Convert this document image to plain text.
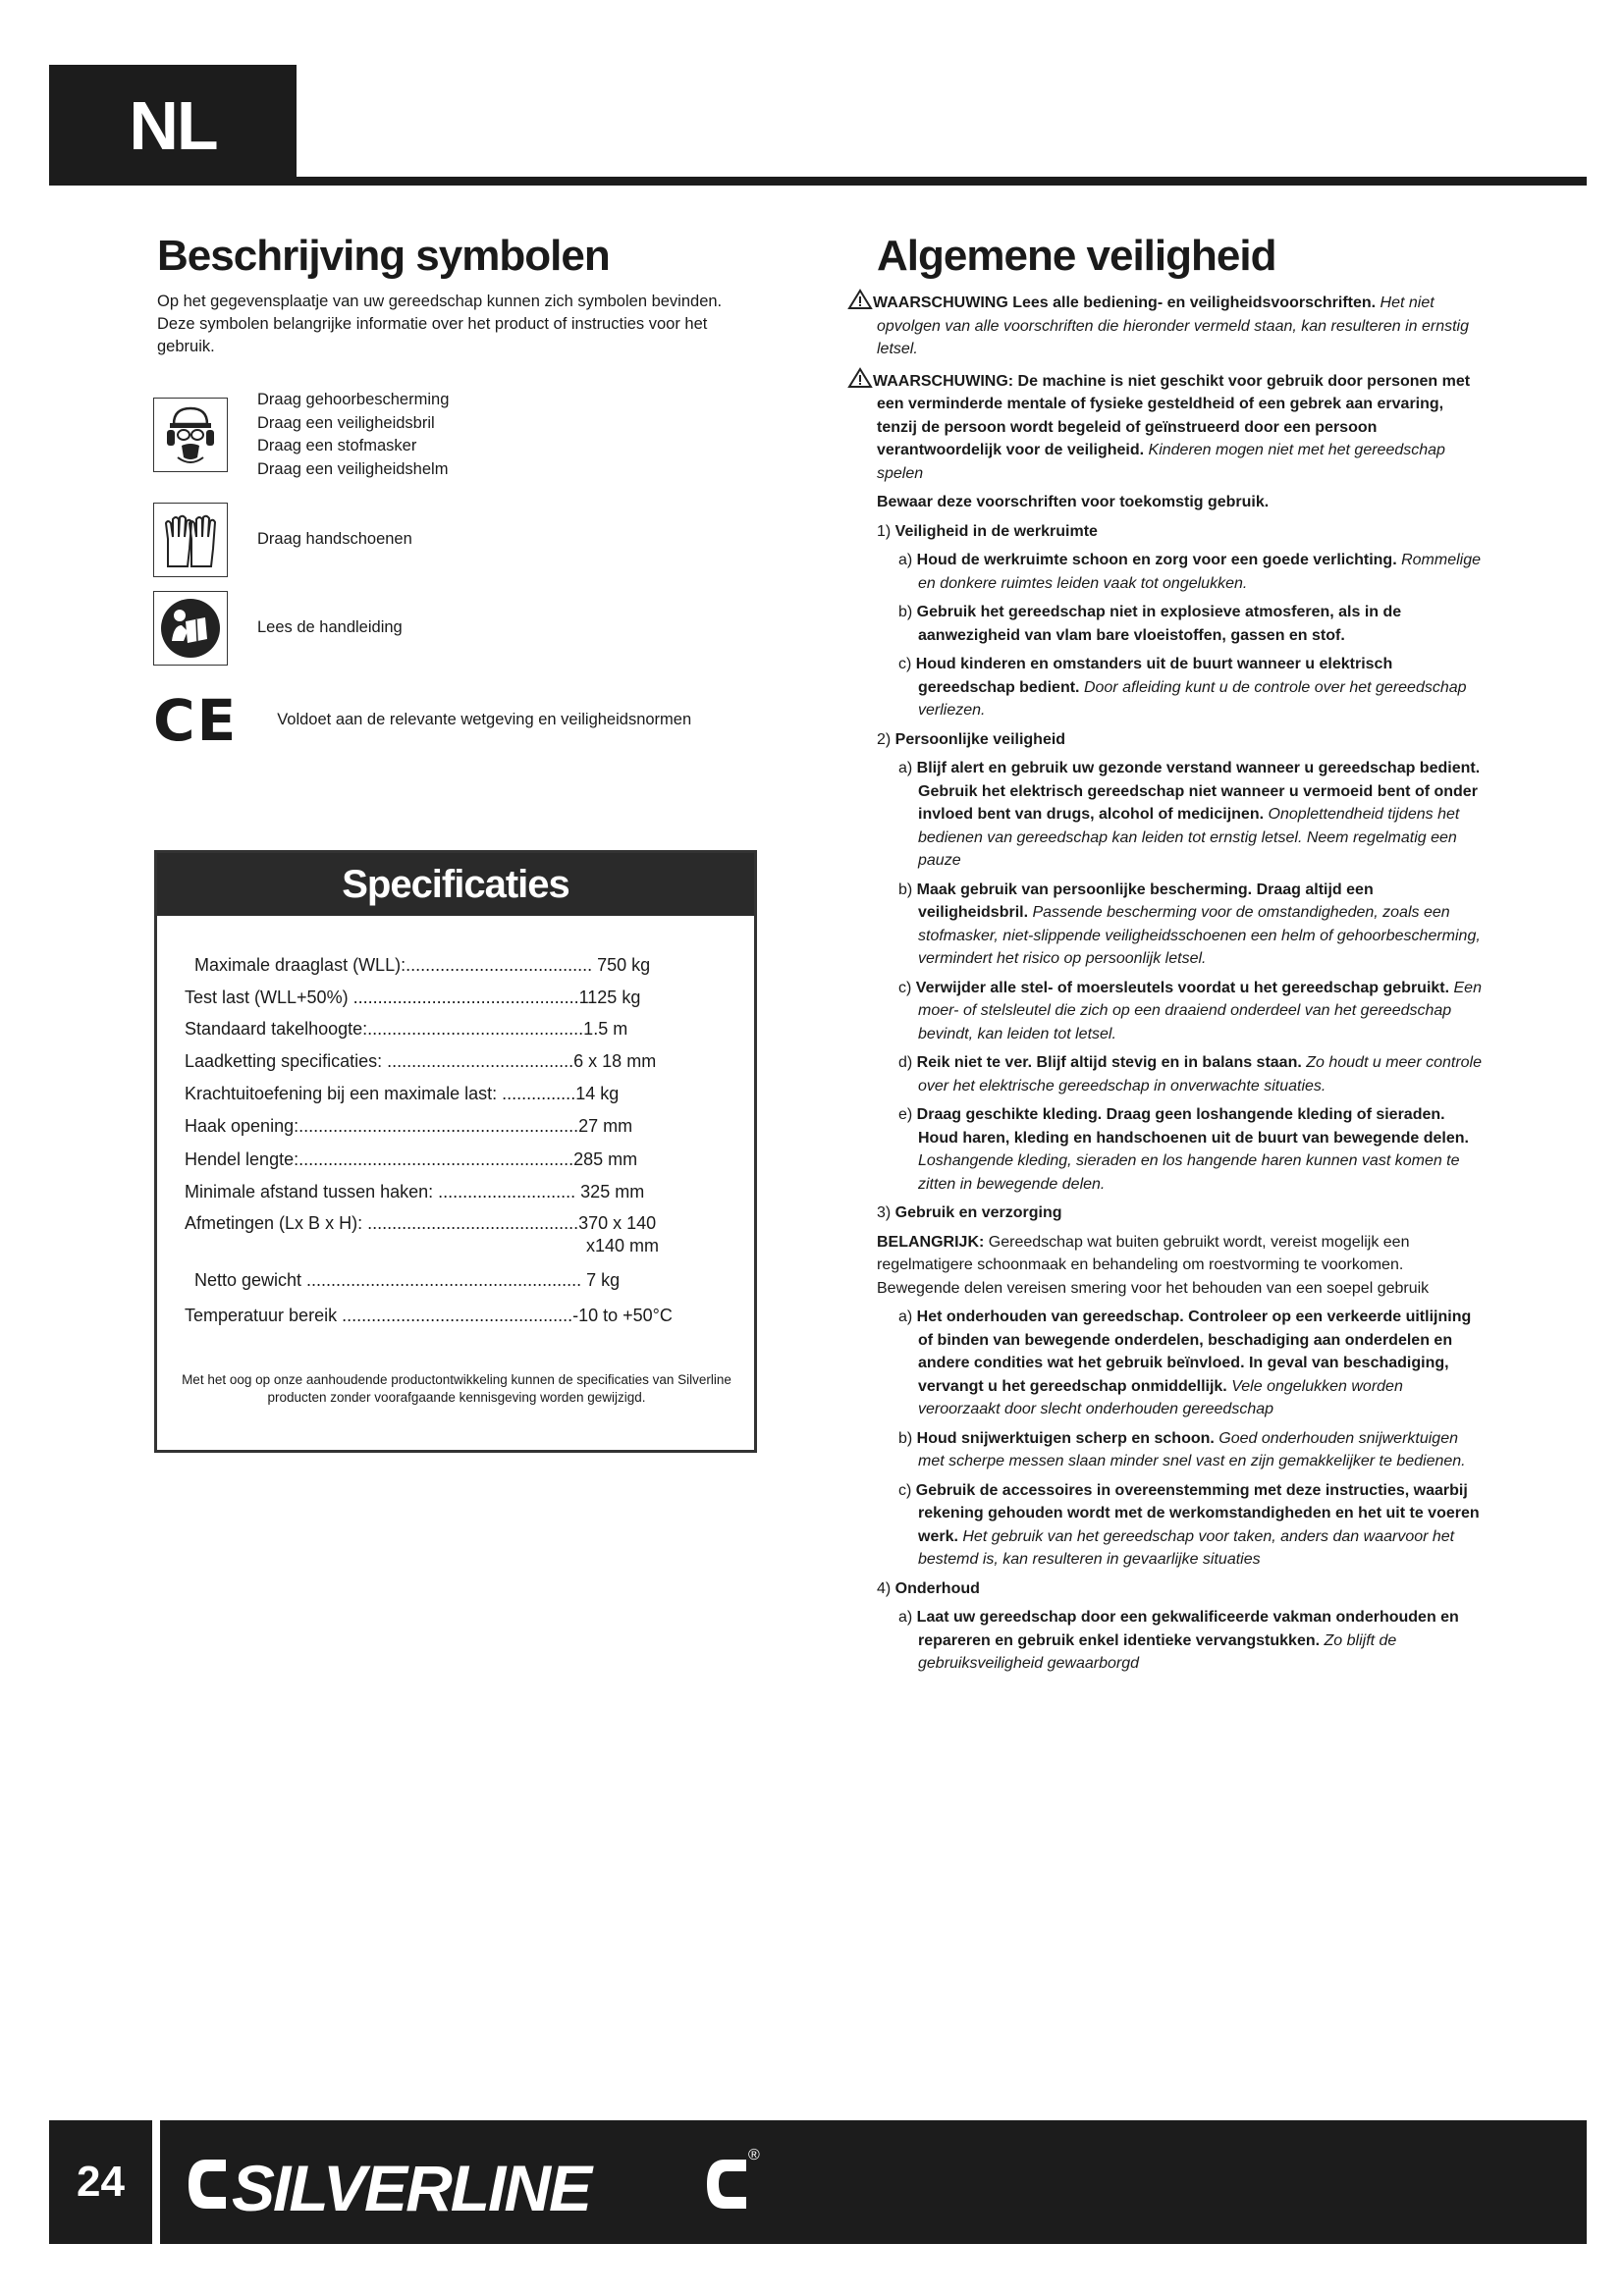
NL
Beschrijving symbolen
Op het gegevensplaatje van uw gereedschap kunnen zich symbolen bevinden. Deze symbolen belangrijke informatie over het product of instructies voor het gebruik.
Draag gehoorbescherming
Draag een veiligheidsbril
Draag een stofmasker
Draag een veiligheidshelm
Draag handschoenen
Lees de handleiding
CE Voldoet aan de relevante wetgeving en veiligheidsnormen
Specificaties
Maximale draaglast (WLL):...................................... 750 kg
Test last (WLL+50%) ..............................................1125 kg
Standaard takelhoogte:............................................1.5 m
Laadketting specificaties: ......................................6 x 18 mm
Krachtuitoefening bij een maximale last: ...............14 kg
Haak opening:.........................................................27 mm
Hendel lengte:........................................................285 mm
Minimale afstand tussen haken: ............................ 325 mm
Afmetingen (Lx B x H): ...........................................370 x 140
x140 mm
Netto gewicht ........................................................ 7 kg
Temperatuur bereik ...............................................-10 to +50°C
Met het oog op onze aanhoudende productontwikkeling kunnen de specificaties van Silverline producten zonder voorafgaande kennisgeving worden gewijzigd.
Algemene veiligheid

WAARSCHUWING Lees alle bediening- en veiligheidsvoorschriften. Het niet opvolgen van alle voorschriften die hieronder vermeld staan, kan resulteren in ernstig letsel.

WAARSCHUWING: De machine is niet geschikt voor gebruik door personen met een verminderde mentale of fysieke gesteldheid of een gebrek aan ervaring, tenzij de persoon wordt begeleid of geïnstrueerd door een persoon verantwoordelijk voor de veiligheid. Kinderen mogen niet met het gereedschap spelen

Bewaar deze voorschriften voor toekomstig gebruik.

1) Veiligheid in de werkruimte

a) Houd de werkruimte schoon en zorg voor een goede verlichting. Rommelige en donkere ruimtes leiden vaak tot ongelukken.

b) Gebruik het gereedschap niet in explosieve atmosferen, als in de aanwezigheid van vlam bare vloeistoffen, gassen en stof.

c) Houd kinderen en omstanders uit de buurt wanneer u elektrisch gereedschap bedient. Door afleiding kunt u de controle over het gereedschap verliezen.

2) Persoonlijke veiligheid

a) Blijf alert en gebruik uw gezonde verstand wanneer u gereedschap bedient. Gebruik het elektrisch gereedschap niet wanneer u vermoeid bent of onder invloed bent van drugs, alcohol of medicijnen. Onoplettendheid tijdens het bedienen van gereedschap kan leiden tot ernstig letsel. Neem regelmatig een pauze

b) Maak gebruik van persoonlijke bescherming. Draag altijd een veiligheidsbril. Passende bescherming voor de omstandigheden, zoals een stofmasker, niet-slippende veiligheidsschoenen een helm of gehoorbescherming, vermindert het risico op persoonlijk letsel.

c) Verwijder alle stel- of moersleutels voordat u het gereedschap gebruikt. Een moer- of stelsleutel die zich op een draaiend onderdeel van het gereedschap bevindt, kan leiden tot letsel.

d) Reik niet te ver. Blijf altijd stevig en in balans staan. Zo houdt u meer controle over het elektrische gereedschap in onverwachte situaties.

e) Draag geschikte kleding. Draag geen loshangende kleding of sieraden. Houd haren, kleding en handschoenen uit de buurt van bewegende delen. Loshangende kleding, sieraden en los hangende haren kunnen vast komen te zitten in bewegende delen.

3) Gebruik en verzorging

BELANGRIJK: Gereedschap wat buiten gebruikt wordt, vereist mogelijk een regelmatigere schoonmaak en behandeling om roestvorming te voorkomen. Bewegende delen vereisen smering voor het behouden van een soepel gebruik

a) Het onderhouden van gereedschap. Controleer op een verkeerde uitlijning of binden van bewegende onderdelen, beschadiging aan onderdelen en andere condities wat het gebruik beïnvloed. In geval van beschadiging, vervangt u het gereedschap onmiddellijk. Vele ongelukken worden veroorzaakt door slecht onderhouden gereedschap

b) Houd snijwerktuigen scherp en schoon. Goed onderhouden snijwerktuigen met scherpe messen slaan minder snel vast en zijn gemakkelijker te bedienen.

c) Gebruik de accessoires in overeenstemming met deze instructies, waarbij rekening gehouden wordt met de werkomstandigheden en het uit te voeren werk. Het gebruik van het gereedschap voor taken, anders dan waarvoor het bestemd is, kan resulteren in gevaarlijke situaties

4) Onderhoud

a) Laat uw gereedschap door een gekwalificeerde vakman onderhouden en repareren en gebruik enkel identieke vervangstukken. Zo blijft de gebruiksveiligheid gewaarborgd

24 SILVERLINE	®
